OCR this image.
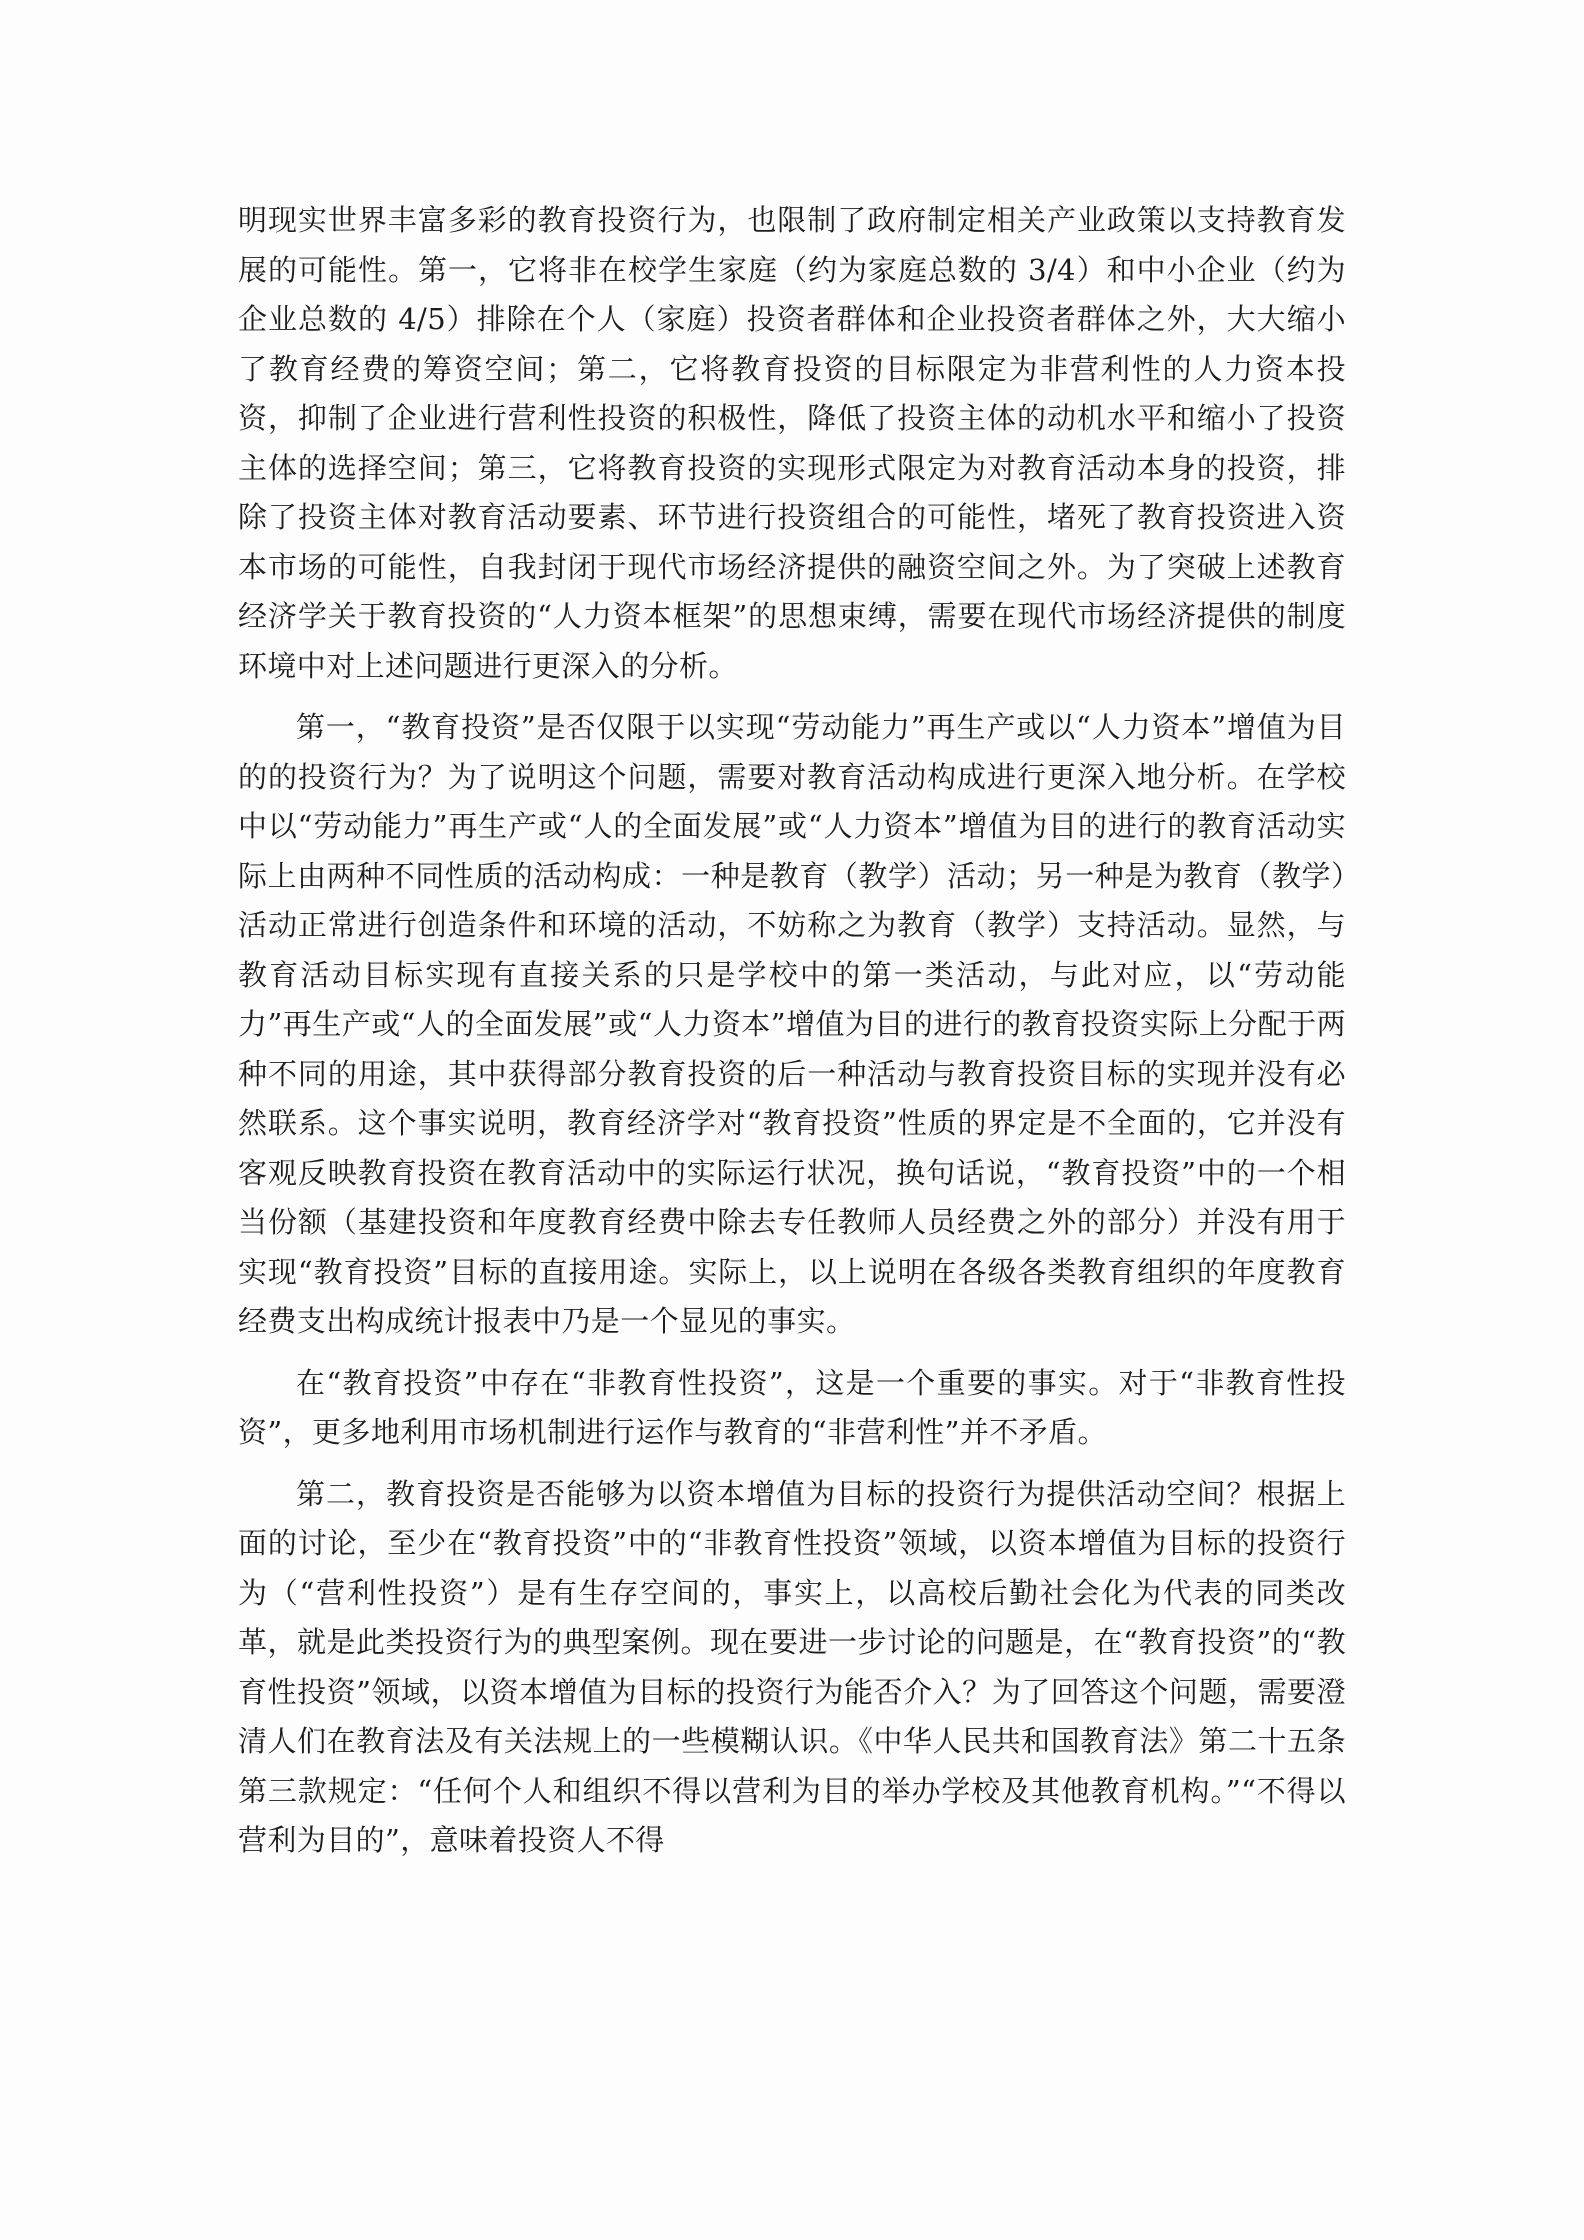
明现实世界丰富多彩的教育投资行为，也限制了政府制定相关产业政策以支持教育发展的可能性。第一，它将非在校学生家庭（约为家庭总数的 3/4）和中小企业（约为企业总数的 4/5）排除在个人（家庭）投资者群体和企业投资者群体之外，大大缩小了教育经费的筹资空间；第二，它将教育投资的目标限定为非营利性的人力资本投资，抑制了企业进行营利性投资的积极性，降低了投资主体的动机水平和缩小了投资主体的选择空间；第三，它将教育投资的实现形式限定为对教育活动本身的投资，排除了投资主体对教育活动要素、环节进行投资组合的可能性，堵死了教育投资进入资本市场的可能性，自我封闭于现代市场经济提供的融资空间之外。为了突破上述教育经济学关于教育投资的“人力资本框架”的思想束缚，需要在现代市场经济提供的制度环境中对上述问题进行更深入的分析。

第一，“教育投资”是否仅限于以实现“劳动能力”再生产或以“人力资本”增值为目的的投资行为？为了说明这个问题，需要对教育活动构成进行更深入地分析。在学校中以“劳动能力”再生产或“人的全面发展”或“人力资本”增值为目的进行的教育活动实际上由两种不同性质的活动构成：一种是教育（教学）活动；另一种是为教育（教学）活动正常进行创造条件和环境的活动，不妨称之为教育（教学）支持活动。显然，与教育活动目标实现有直接关系的只是学校中的第一类活动，与此对应，以“劳动能力”再生产或“人的全面发展”或“人力资本”增值为目的进行的教育投资实际上分配于两种不同的用途，其中获得部分教育投资的后一种活动与教育投资目标的实现并没有必然联系。这个事实说明，教育经济学对“教育投资”性质的界定是不全面的，它并没有客观反映教育投资在教育活动中的实际运行状况，换句话说，“教育投资”中的一个相当份额（基建投资和年度教育经费中除去专任教师人员经费之外的部分）并没有用于实现“教育投资”目标的直接用途。实际上，以上说明在各级各类教育组织的年度教育经费支出构成统计报表中乃是一个显见的事实。

在“教育投资”中存在“非教育性投资”，这是一个重要的事实。对于“非教育性投资”，更多地利用市场机制进行运作与教育的“非营利性”并不矛盾。

第二，教育投资是否能够为以资本增值为目标的投资行为提供活动空间？根据上面的讨论，至少在“教育投资”中的“非教育性投资”领域，以资本增值为目标的投资行为（“营利性投资”）是有生存空间的，事实上，以高校后勤社会化为代表的同类改革，就是此类投资行为的典型案例。现在要进一步讨论的问题是，在“教育投资”的“教育性投资”领域，以资本增值为目标的投资行为能否介入？为了回答这个问题，需要澄清人们在教育法及有关法规上的一些模糊认识。《中华人民共和国教育法》第二十五条第三款规定：“任何个人和组织不得以营利为目的举办学校及其他教育机构。”“不得以营利为目的”，意味着投资人不得
